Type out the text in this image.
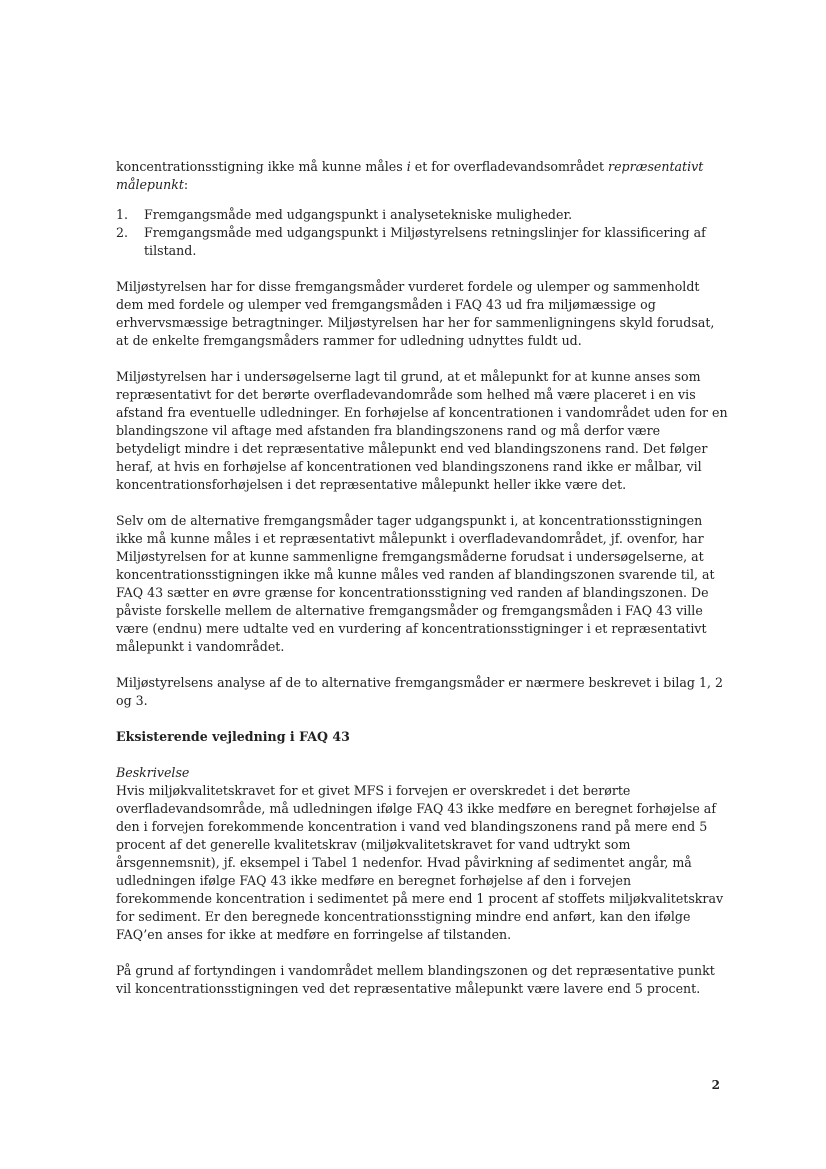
koncentrationsstigning ikke må kunne måles i et for overfladevandsområdet repræsentativt målepunkt:

1.	Fremgangsmåde med udgangspunkt i analysetekniske muligheder.
2.	Fremgangsmåde med udgangspunkt i Miljøstyrelsens retningslinjer for klassificering af tilstand.

Miljøstyrelsen har for disse fremgangsmåder vurderet fordele og ulemper og sammenholdt dem med fordele og ulemper ved fremgangsmåden i FAQ 43 ud fra miljømæssige og erhvervsmæssige betragtninger. Miljøstyrelsen har her for sammenligningens skyld forudsat, at de enkelte fremgangsmåders rammer for udledning udnyttes fuldt ud.

Miljøstyrelsen har i undersøgelserne lagt til grund, at et målepunkt for at kunne anses som repræsentativt for det berørte overfladevandområde som helhed må være placeret i en vis afstand fra eventuelle udledninger. En forhøjelse af koncentrationen i vandområdet uden for en blandingszone vil aftage med afstanden fra blandingszonens rand og må derfor være betydeligt mindre i det repræsentative målepunkt end ved blandingszonens rand. Det følger heraf, at hvis en forhøjelse af koncentrationen ved blandingszonens rand ikke er målbar, vil koncentrationsforhøjelsen i det repræsentative målepunkt heller ikke være det.

Selv om de alternative fremgangsmåder tager udgangspunkt i, at koncentrationsstigningen ikke må kunne måles i et repræsentativt målepunkt i overfladevandområdet, jf. ovenfor, har Miljøstyrelsen for at kunne sammenligne fremgangsmåderne forudsat i undersøgelserne, at koncentrationsstigningen ikke må kunne måles ved randen af blandingszonen svarende til, at FAQ 43 sætter en øvre grænse for koncentrationsstigning ved randen af blandingszonen. De påviste forskelle mellem de alternative fremgangsmåder og fremgangsmåden i FAQ 43 ville være (endnu) mere udtalte ved en vurdering af koncentrationsstigninger i et repræsentativt målepunkt i vandområdet.

Miljøstyrelsens analyse af de to alternative fremgangsmåder er nærmere beskrevet i bilag 1, 2 og 3.

Eksisterende vejledning i FAQ 43

Beskrivelse

Hvis miljøkvalitetskravet for et givet MFS i forvejen er overskredet i det berørte overfladevandsområde, må udledningen ifølge FAQ 43 ikke medføre en beregnet forhøjelse af den i forvejen forekommende koncentration i vand ved blandingszonens rand på mere end 5 procent af det generelle kvalitetskrav (miljøkvalitetskravet for vand udtrykt som årsgennemsnit), jf. eksempel i Tabel 1 nedenfor. Hvad påvirkning af sedimentet angår, må udledningen ifølge FAQ 43 ikke medføre en beregnet forhøjelse af den i forvejen forekommende koncentration i sedimentet på mere end 1 procent af stoffets miljøkvalitetskrav for sediment. Er den beregnede koncentrationsstigning mindre end anført, kan den ifølge FAQ’en anses for ikke at medføre en forringelse af tilstanden.

På grund af fortyndingen i vandområdet mellem blandingszonen og det repræsentative punkt vil koncentrationsstigningen ved det repræsentative målepunkt være lavere end 5 procent.

2
